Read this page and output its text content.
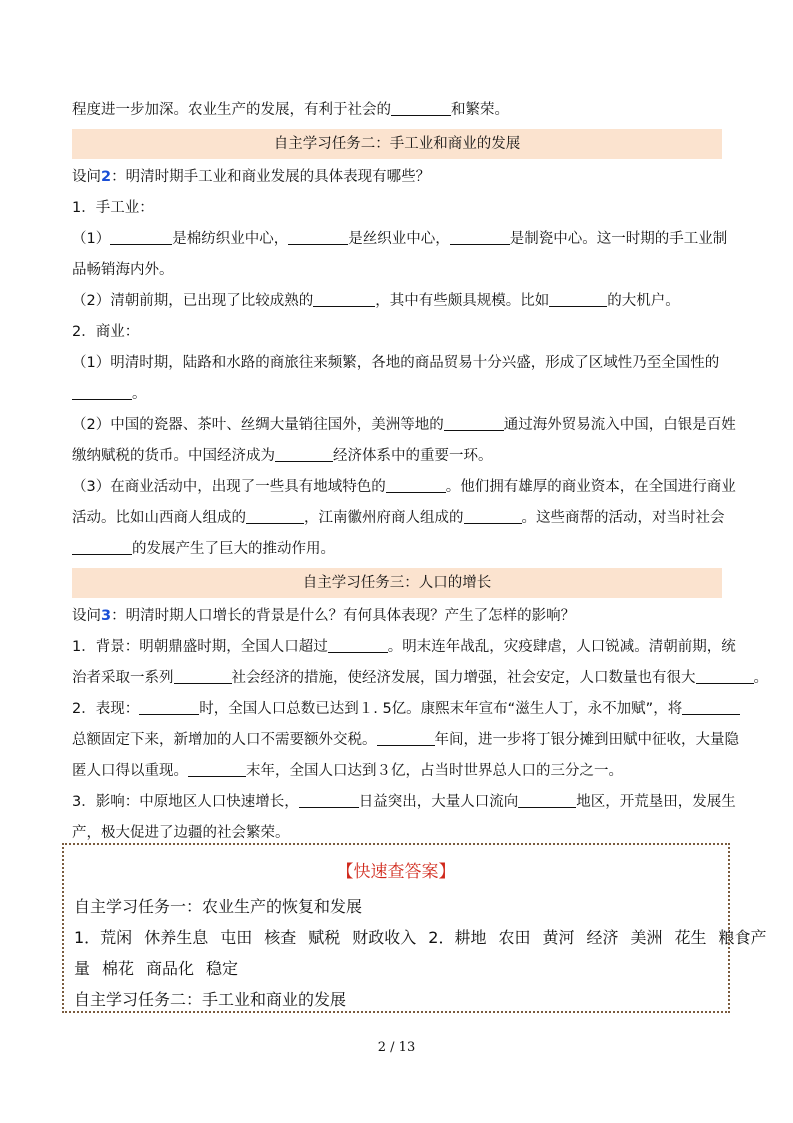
程度进一步加深。农业生产的发展，有利于社会的	和繁荣。
自主学习任务二：手工业和商业的发展
设问2：明清时期手工业和商业发展的具体表现有哪些？
1．手工业：
（1）	是棉纺织业中心，	是丝织业中心，	是制瓷中心。这一时期的手工业制
品畅销海内外。
（2）清朝前期，已出现了比较成熟的	，其中有些颇具规模。比如	的大机户。
2．商业：
（1）明清时期，陆路和水路的商旅往来频繁，各地的商品贸易十分兴盛，形成了区域性乃至全国性的
。
（2）中国的瓷器、茶叶、丝绸大量销往国外，美洲等地的	通过海外贸易流入中国，白银是百姓
缴纳赋税的货币。中国经济成为	经济体系中的重要一环。
（3）在商业活动中，出现了一些具有地域特色的	。他们拥有雄厚的商业资本，在全国进行商业
活动。比如山西商人组成的	，江南徽州府商人组成的	。这些商帮的活动，对当时社会
的发展产生了巨大的推动作用。
自主学习任务三：人口的增长
设问3：明清时期人口增长的背景是什么？有何具体表现？产生了怎样的影响？
1．背景：明朝鼎盛时期，全国人口超过	。明末连年战乱，灾疫肆虐，人口锐减。清朝前期，统
治者采取一系列	社会经济的措施，使经济发展，国力增强，社会安定，人口数量也有很大	。
2．表现：	时，全国人口总数已达到１. 5亿。康熙末年宣布“滋生人丁，永不加赋”，将
总额固定下来，新增加的人口不需要额外交税。	年间，进一步将丁银分摊到田赋中征收，大量隐
匿人口得以重现。	末年，全国人口达到３亿，占当时世界总人口的三分之一。
3．影响：中原地区人口快速增长，	日益突出，大量人口流向	地区，开荒垦田，发展生
产，极大促进了边疆的社会繁荣。
【快速查答案】
自主学习任务一：农业生产的恢复和发展
1．荒闲 休养生息 屯田 核查 赋税 财政收入 2．耕地 农田 黄河 经济 美洲 花生 粮食产
量 棉花 商品化 稳定
自主学习任务二：手工业和商业的发展
2 / 13
